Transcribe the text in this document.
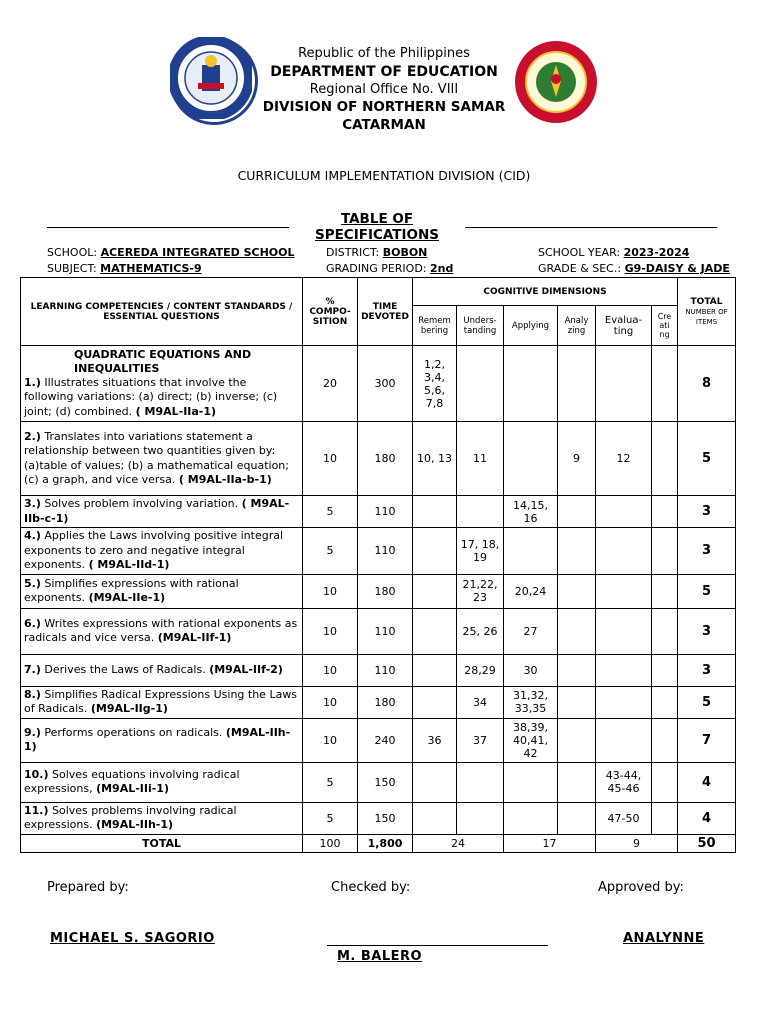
Republic of the Philippines
DEPARTMENT OF EDUCATION
Regional Office No. VIII
DIVISION OF NORTHERN SAMAR
CATARMAN
CURRICULUM IMPLEMENTATION DIVISION (CID)
TABLE OF SPECIFICATIONS
SCHOOL: ACEREDA INTEGRATED SCHOOL	DISTRICT: BOBON	SCHOOL YEAR: 2023-2024
SUBJECT: MATHEMATICS-9	GRADING PERIOD: 2nd	GRADE & SEC.: G9-DAISY & JADE
LEARNING COMPETENCIES / CONTENT STANDARDS / ESSENTIAL QUESTIONS	% COMPO-SITION	TIME DEVOTED	COGNITIVE DIMENSIONS						TOTAL
NUMBER OF ITEMS
			Remem bering	Unders-tanding	Applying	Analy zing	Evalua-ting	Cre ati ng	

QUADRATIC EQUATIONS AND INEQUALITIES
1.) Illustrates situations that involve the following variations: (a) direct; (b) inverse; (c) joint; (d) combined. ( M9AL-IIa-1)	20	300	1,2, 3,4, 5,6, 7,8						8
2.) Translates into variations statement a relationship between two quantities given by: (a)table of values; (b) a mathematical equation; (c) a graph, and vice versa. ( M9AL-IIa-b-1)	10	180	10, 13	11		9	12		5
3.) Solves problem involving variation. ( M9AL-IIb-c-1)	5	110			14,15, 16				3
4.) Applies the Laws involving positive integral exponents to zero and negative integral exponents. ( M9AL-IId-1)	5	110		17, 18, 19					3
5.) Simplifies expressions with rational exponents. (M9AL-IIe-1)	10	180		21,22, 23	20,24				5
6.) Writes expressions with rational exponents as radicals and vice versa. (M9AL-IIf-1)	10	110		25, 26	27				3
7.) Derives the Laws of Radicals. (M9AL-IIf-2)	10	110		28,29	30				3
8.) Simplifies Radical Expressions Using the Laws of Radicals. (M9AL-IIg-1)	10	180		34	31,32, 33,35				5
9.) Performs operations on radicals. (M9AL-IIh-1)	10	240	36	37	38,39, 40,41, 42				7
10.) Solves equations involving radical expressions, (M9AL-IIi-1)	5	150					43-44, 45-46		4
11.) Solves problems involving radical expressions. (M9AL-IIh-1)	5	150					47-50		4
TOTAL	100	1,800	24		17		9		50
Prepared by:	Checked by:	Approved by:
MICHAEL S. SAGORIO
M. BALERO
ANALYNNE
